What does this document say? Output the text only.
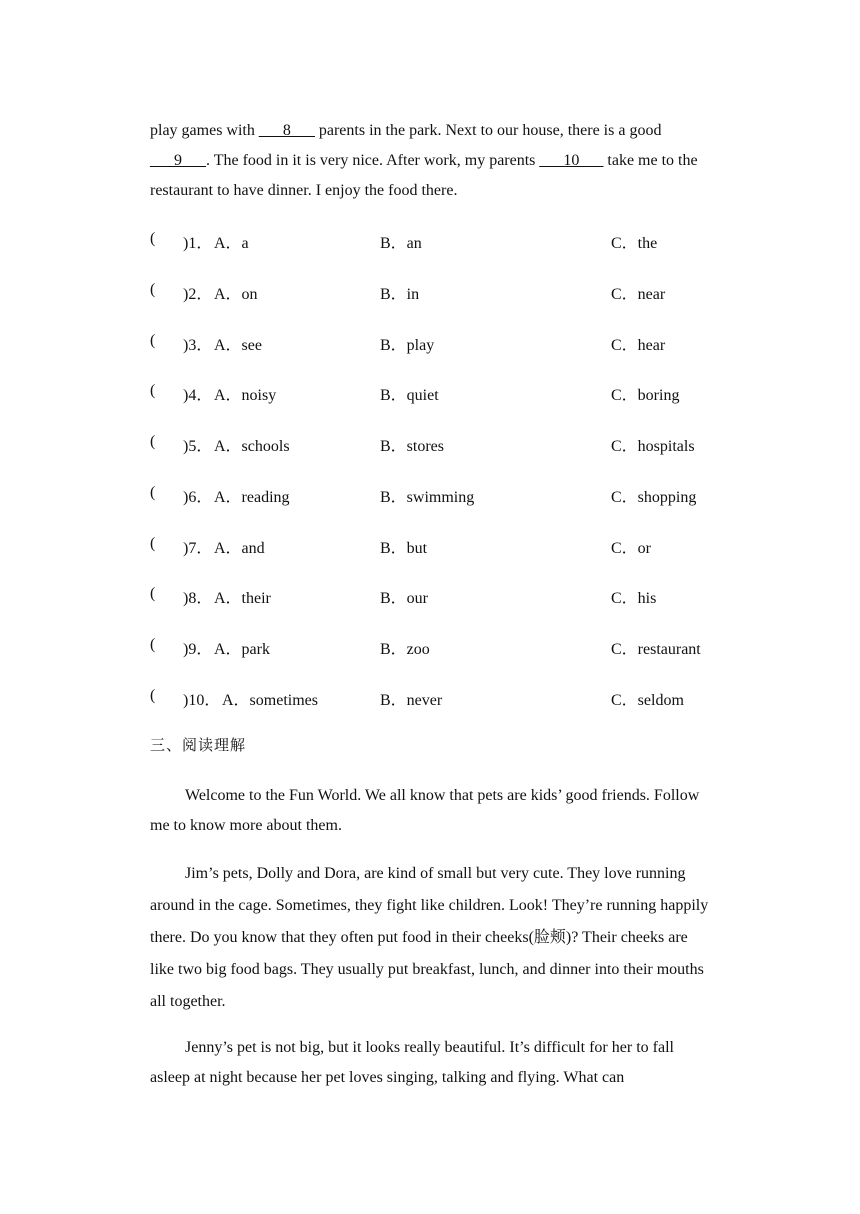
play games with ___8___ parents in the park. Next to our house, there is a good ___9___. The food in it is very nice. After work, my parents ___10___ take me to the restaurant to have dinner. I enjoy the food there.

( )1． A．a	B．an	C．the
( )2． A．on	B．in	C．near
( )3． A．see	B．play	C．hear
( )4． A．noisy	B．quiet	C．boring
( )5． A．schools	B．stores	C．hospitals
( )6． A．reading	B．swimming	C．shopping
( )7． A．and	B．but	C．or
( )8． A．their	B．our	C．his
( )9． A．park	B．zoo	C．restaurant
( )10． A．sometimes	B．never	C．seldom
三、阅读理解

Welcome to the Fun World. We all know that pets are kids’ good friends. Follow me to know more about them.

Jim’s pets, Dolly and Dora, are kind of small but very cute. They love running around in the cage. Sometimes, they fight like children. Look! They’re running happily there. Do you know that they often put food in their cheeks(脸颊)? Their cheeks are like two big food bags. They usually put breakfast, lunch, and dinner into their mouths all together.

Jenny’s pet is not big, but it looks really beautiful. It’s difficult for her to fall asleep at night because her pet loves singing, talking and flying. What can
